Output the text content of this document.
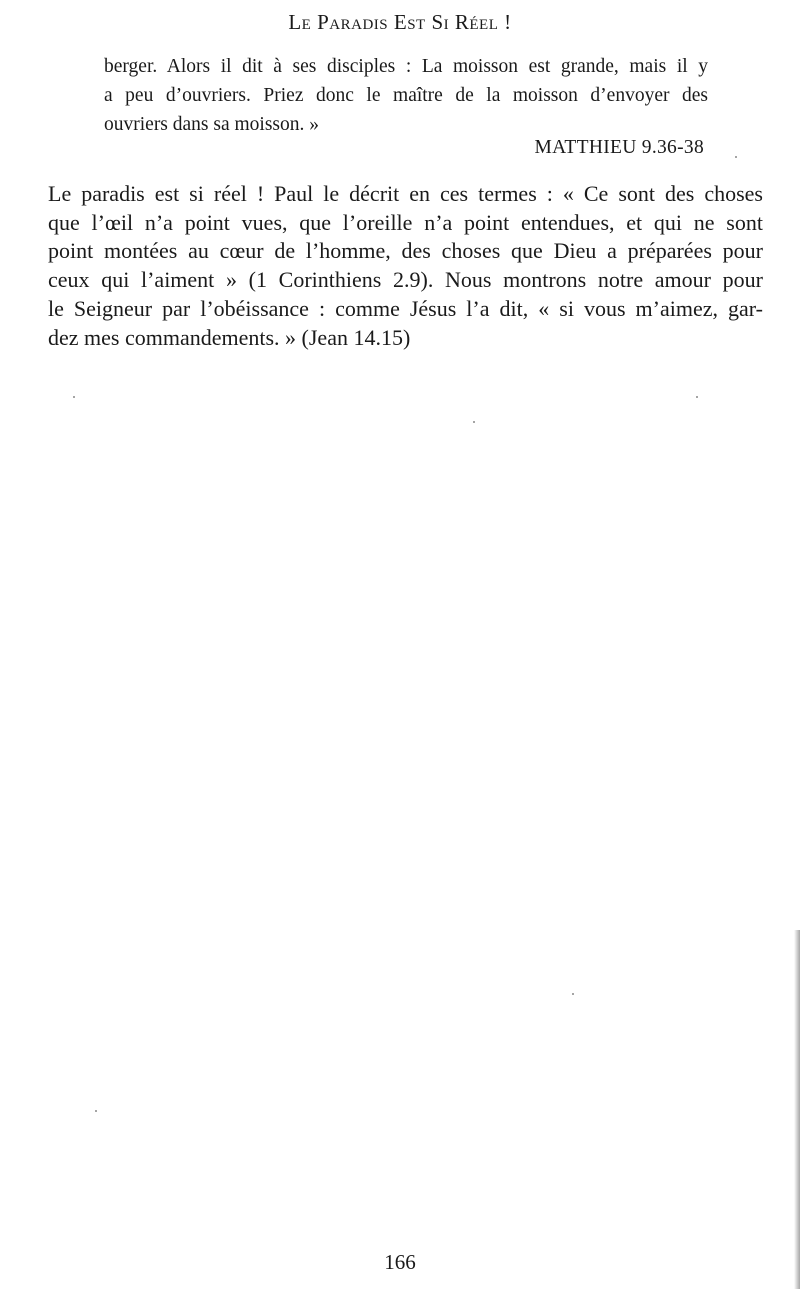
Le Paradis Est Si Réel !
berger. Alors il dit à ses disciples : La moisson est grande, mais il y
a peu d’ouvriers. Priez donc le maître de la moisson d’envoyer des
ouvriers dans sa moisson. »
MATTHIEU 9.36-38
Le paradis est si réel ! Paul le décrit en ces termes : « Ce sont des choses
que l’œil n’a point vues, que l’oreille n’a point entendues, et qui ne sont
point montées au cœur de l’homme, des choses que Dieu a préparées pour
ceux qui l’aiment » (1 Corinthiens 2.9). Nous montrons notre amour pour
le Seigneur par l’obéissance : comme Jésus l’a dit, « si vous m’aimez, gar-
dez mes commandements. » (Jean 14.15)
166
